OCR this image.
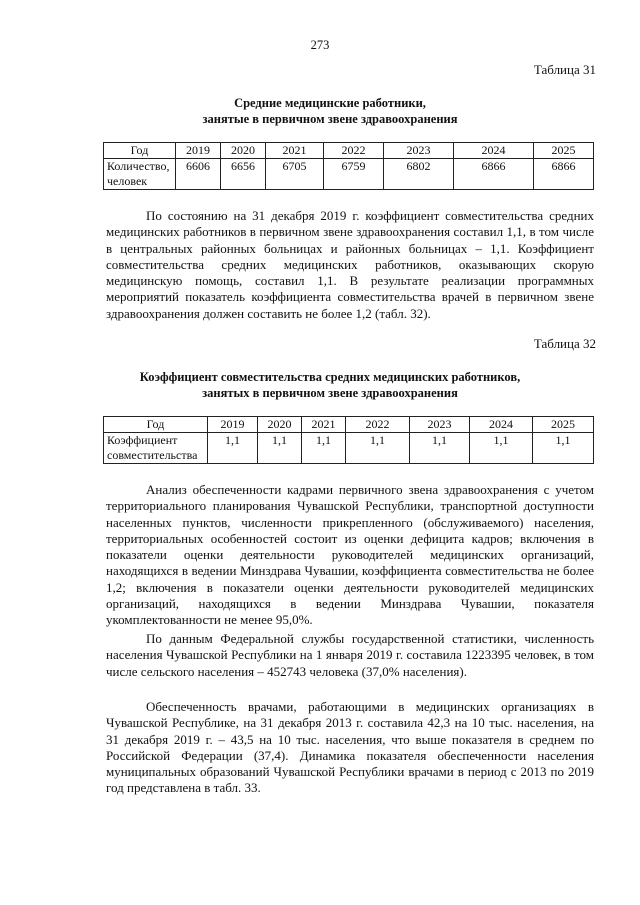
273
Таблица 31
Средние медицинские работники,
занятые в первичном звене здравоохранения
Год	2019	2020	2021	2022	2023	2024	2025

Количество,
человек	6606	6656	6705	6759	6802	6866	6866

По состоянию на 31 декабря 2019 г. коэффициент совместительства средних медицинских работников в первичном звене здравоохранения составил 1,1, в том числе в центральных районных больницах и районных больницах – 1,1. Коэффициент совместительства средних медицинских работников, оказывающих скорую медицинскую помощь, составил 1,1. В результате реализации программных мероприятий показатель коэффициента совместительства врачей в первичном звене здравоохранения должен составить не более 1,2 (табл. 32).

Таблица 32
Коэффициент совместительства средних медицинских работников,
занятых в первичном звене здравоохранения
Год	2019	2020	2021	2022	2023	2024	2025

Коэффициент
совместительства	1,1	1,1	1,1	1,1	1,1	1,1	1,1

Анализ обеспеченности кадрами первичного звена здравоохранения с учетом территориального планирования Чувашской Республики, транспортной доступности населенных пунктов, численности прикрепленного (обслуживаемого) населения, территориальных особенностей состоит из оценки дефицита кадров; включения в показатели оценки деятельности руководителей медицинских организаций, находящихся в ведении Минздрава Чувашии, коэффициента совместительства не более 1,2; включения в показатели оценки деятельности руководителей медицинских организаций, находящихся в ведении Минздрава Чувашии, показателя укомплектованности не менее 95,0%.

По данным Федеральной службы государственной статистики, численность населения Чувашской Республики на 1 января 2019 г. составила 1223395 человек, в том числе сельского населения – 452743 человека (37,0% населения).

Обеспеченность врачами, работающими в медицинских организациях в Чувашской Республике, на 31 декабря 2013 г. составила 42,3 на 10 тыс. населения, на 31 декабря 2019 г. – 43,5 на 10 тыс. населения, что выше показателя в среднем по Российской Федерации (37,4). Динамика показателя обеспеченности населения муниципальных образований Чувашской Республики врачами в период с 2013 по 2019 год представлена в табл. 33.
